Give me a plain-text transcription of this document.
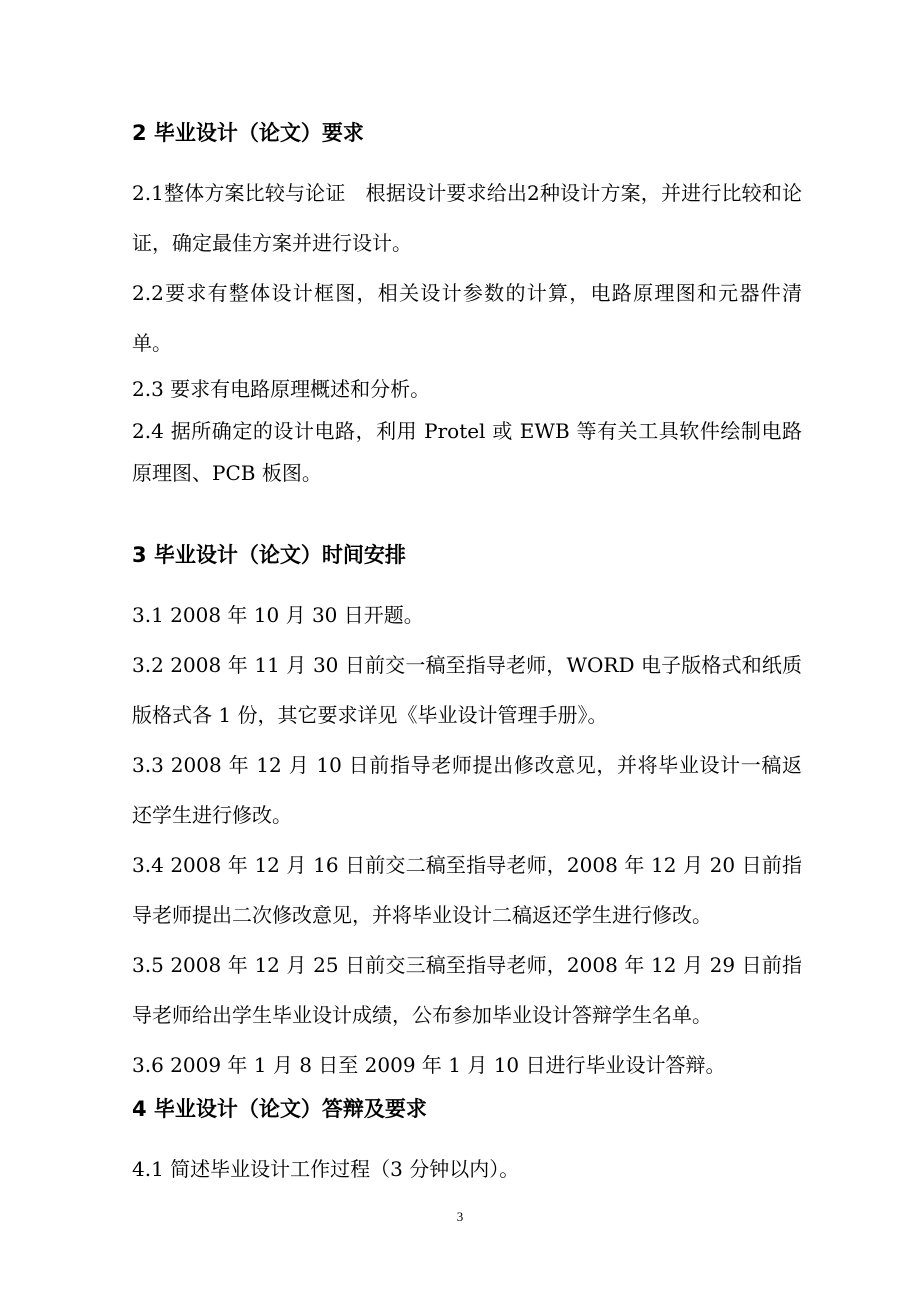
2 毕业设计（论文）要求

2.1整体方案比较与论证　根据设计要求给出2种设计方案，并进行比较和论证，确定最佳方案并进行设计。

2.2要求有整体设计框图，相关设计参数的计算，电路原理图和元器件清单。

2.3 要求有电路原理概述和分析。

2.4 据所确定的设计电路，利用 Protel 或 EWB 等有关工具软件绘制电路原理图、PCB 板图。

3 毕业设计（论文）时间安排

3.1 2008 年 10 月 30 日开题。

3.2 2008 年 11 月 30 日前交一稿至指导老师，WORD 电子版格式和纸质版格式各 1 份，其它要求详见《毕业设计管理手册》。

3.3 2008 年 12 月 10 日前指导老师提出修改意见，并将毕业设计一稿返还学生进行修改。

3.4 2008 年 12 月 16 日前交二稿至指导老师，2008 年 12 月 20 日前指导老师提出二次修改意见，并将毕业设计二稿返还学生进行修改。

3.5 2008 年 12 月 25 日前交三稿至指导老师，2008 年 12 月 29 日前指导老师给出学生毕业设计成绩，公布参加毕业设计答辩学生名单。

3.6 2009 年 1 月 8 日至 2009 年 1 月 10 日进行毕业设计答辩。

4 毕业设计（论文）答辩及要求

4.1 简述毕业设计工作过程（3 分钟以内）。

3
